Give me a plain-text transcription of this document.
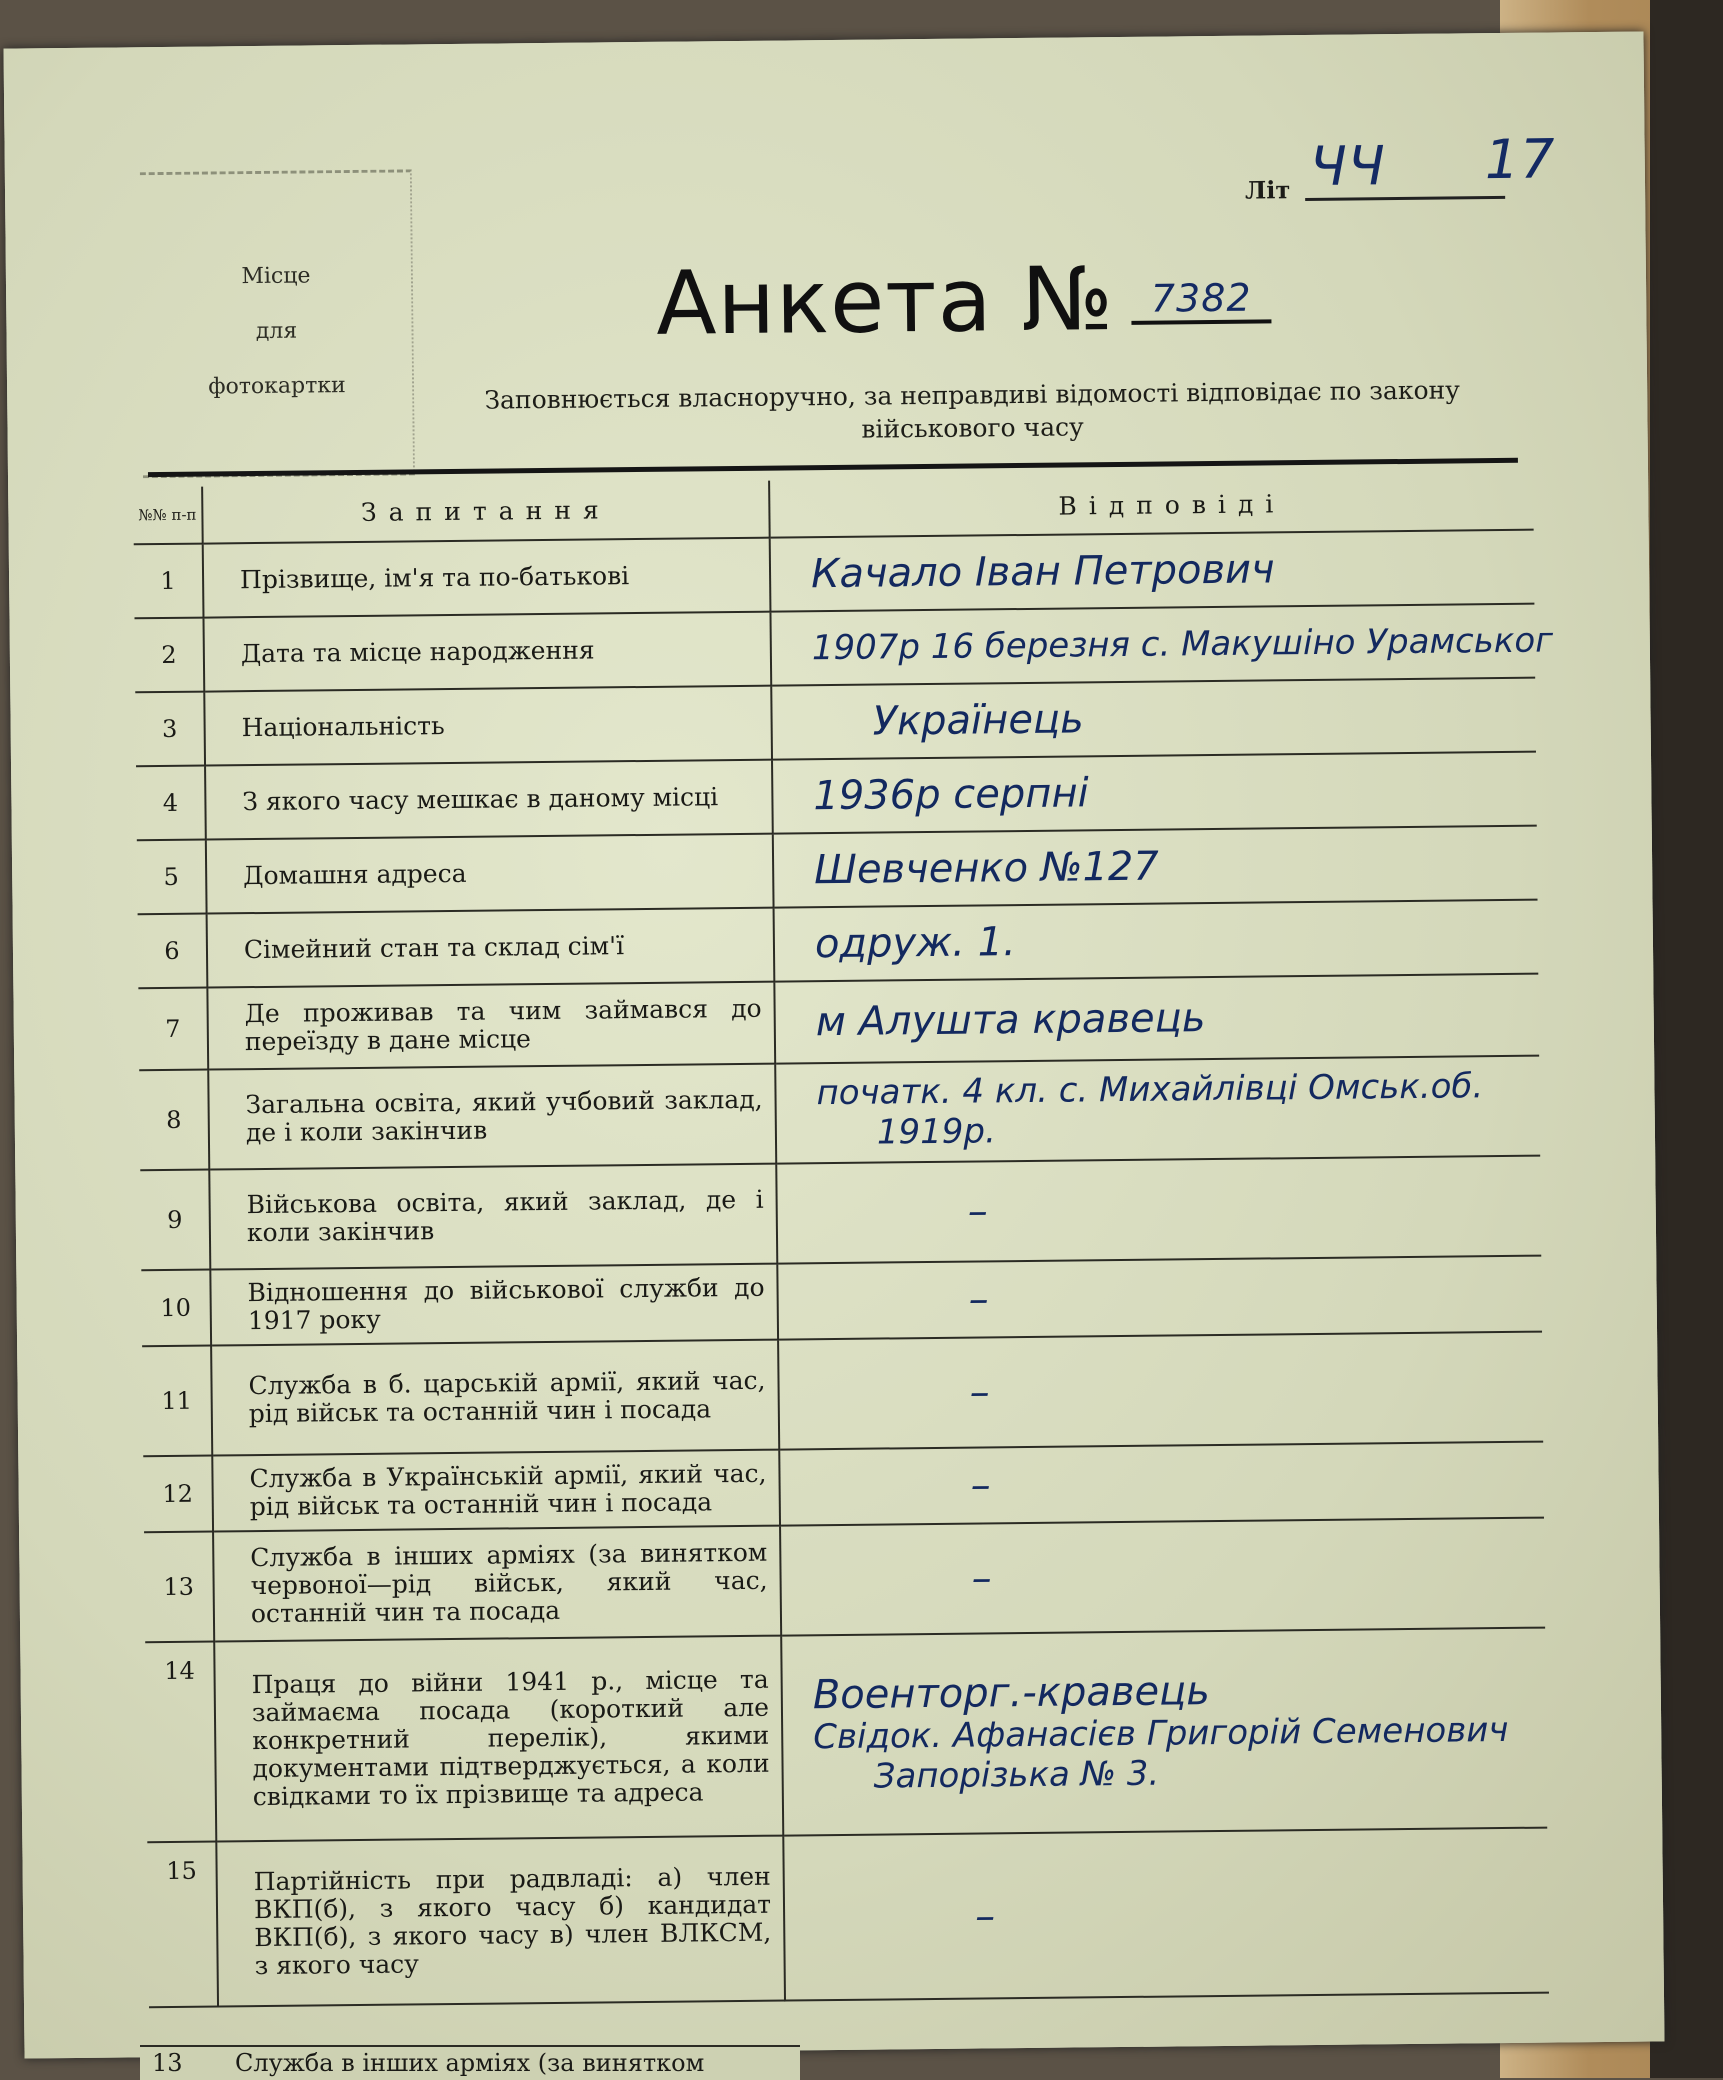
Місце
для
фотокартки
Літ ЧЧ 17
Анкета № 7382
Заповнюється власноручно, за неправдиві відомості відповідає по закону військового часу
№№ п-п	Запитання	Відповіді
1	Прізвище, ім'я та по-батькові	Качало Іван Петрович

2	Дата та місце народження	1907р 16 березня с. Макушіно Урамськог

3	Національність	Українець

4	З якого часу мешкає в даному місці	1936р серпні

5	Домашня адреса	Шевченко №127

6	Сімейний стан та склад сім'ї	одруж. 1.

7	Де проживав та чим займався до переїзду в дане місце	м Алушта кравець

8	Загальна освіта, який учбовий заклад, де і коли закінчив	початк. 4 кл. с. Михайлівці Омськ.об.
1919р.

9	Військова освіта, який заклад, де і коли закінчив	–

10	Відношення до військової служби до 1917 року	–

11	Служба в б. царській армії, який час, рід військ та останній чин і посада	–

12	Служба в Українській армії, який час, рід військ та останній чин і посада	–

13	Служба в інших арміях (за винятком червоної—рід військ, який час, останній чин та посада	–

14	Праця до війни 1941 р., місце та займаєма посада (короткий але конкретний перелік), якими документами підтверджується, а коли свідками то їх прізвище та адреса	Военторг.-кравець
Свідок. Афанасієв Григорій Семенович
Запорізька № 3.

15	Партійність при радвладі: а) член ВКП(б), з якого часу б) кандидат ВКП(б), з якого часу в) член ВЛКСМ, з якого часу	–
13 Служба в інших арміях (за винятком
